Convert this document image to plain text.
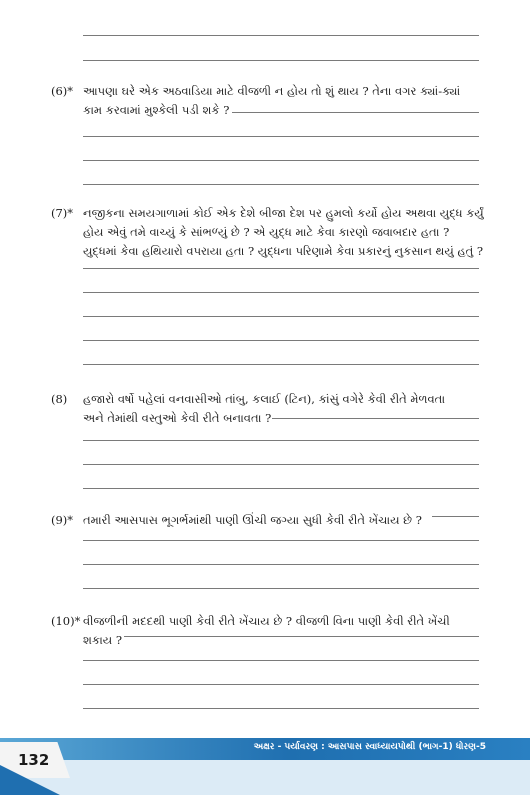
(6)* આપણા ઘરે એક અઠવાડિયા માટે વીજળી ન હોય તો શું થાય ? તેના વગર ક્યાં-ક્યાં
કામ કરવામાં મુશ્કેલી પડી શકે ?
(7)* નજીકના સમયગાળામાં કોઈ એક દેશે બીજા દેશ પર હુમલો કર્યો હોય અથવા યુદ્ધ કર્યું
હોય એવું તમે વાચ્યું કે સાંભળ્યું છે ? એ યુદ્ધ માટે કેવા કારણો જવાબદાર હતા ?
યુદ્ધમાં કેવા હથિયારો વપરાયા હતા ? યુદ્ધના પરિણામે કેવા પ્રકારનું નુકસાન થયું હતું ?
(8) હજારો વર્ષો પહેલાં વનવાસીઓ તાંબુ, કલાઈ (ટિન), કાંસું વગેરે કેવી રીતે મેળવતા
અને તેમાંથી વસ્તુઓ કેવી રીતે બનાવતા ?
(9)* તમારી આસપાસ ભૂગર્ભમાંથી પાણી ઊંચી જગ્યા સુધી કેવી રીતે ખેંચાય છે ?
(10)* વીજળીની મદદથી પાણી કેવી રીતે ખેંચાય છે ? વીજળી વિના પાણી કેવી રીતે ખેંચી
શકાય ?
132
અક્ષર - પર્યાવરણ : આસપાસ સ્વાધ્યાયપોથી (ભાગ-1) ધોરણ-5
